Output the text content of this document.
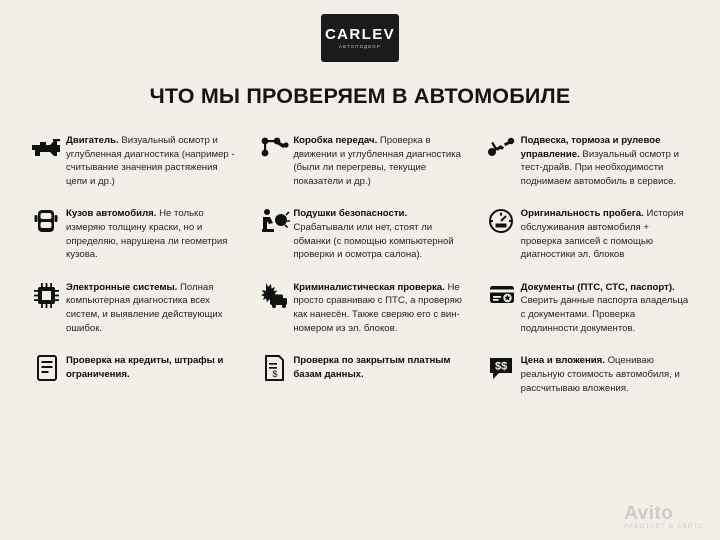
CARLEV
АВТОПОДБОР
ЧТО МЫ ПРОВЕРЯЕМ В АВТОМОБИЛЕ
Двигатель. Визуальный осмотр и углубленная диагностика (например - считывание значения растяжения цепи и др.)
Коробка передач. Проверка в движении и углубленная диагностика (были ли перегревы, текущие показатели и др.)
Подвеска, тормоза и рулевое управление. Визуальный осмотр и тест-драйв. При необходимости поднимаем автомобиль в сервисе.
Кузов автомобиля. Не только измеряю толщину краски, но и определяю, нарушена ли геометрия кузова.
Подушки безопасности. Срабатывали или нет, стоят ли обманки (с помощью компьютерной проверки и осмотра салона).
Оригинальность пробега. История обслуживания автомобиля + проверка записей с помощью диагностики эл. блоков
Электронные системы. Полная компьютерная диагностика всех систем, и выявление действующих ошибок.
Криминалистическая проверка. Не просто сравниваю с ПТС, а проверяю как нанесён. Также сверяю его с вин-номером из эл. блоков.
Документы (ПТС, СТС, паспорт). Сверить данные паспорта владельца с документами. Проверка подлинности документов.
Проверка на кредиты, штрафы и ограничения.	$
Проверка по закрытым платным базам данных.
$$ Цена и вложения. Оцениваю реальную стоимость автомобиля, и рассчитываю вложения.
Avito
РАБОТАЕТ В АВИТО
